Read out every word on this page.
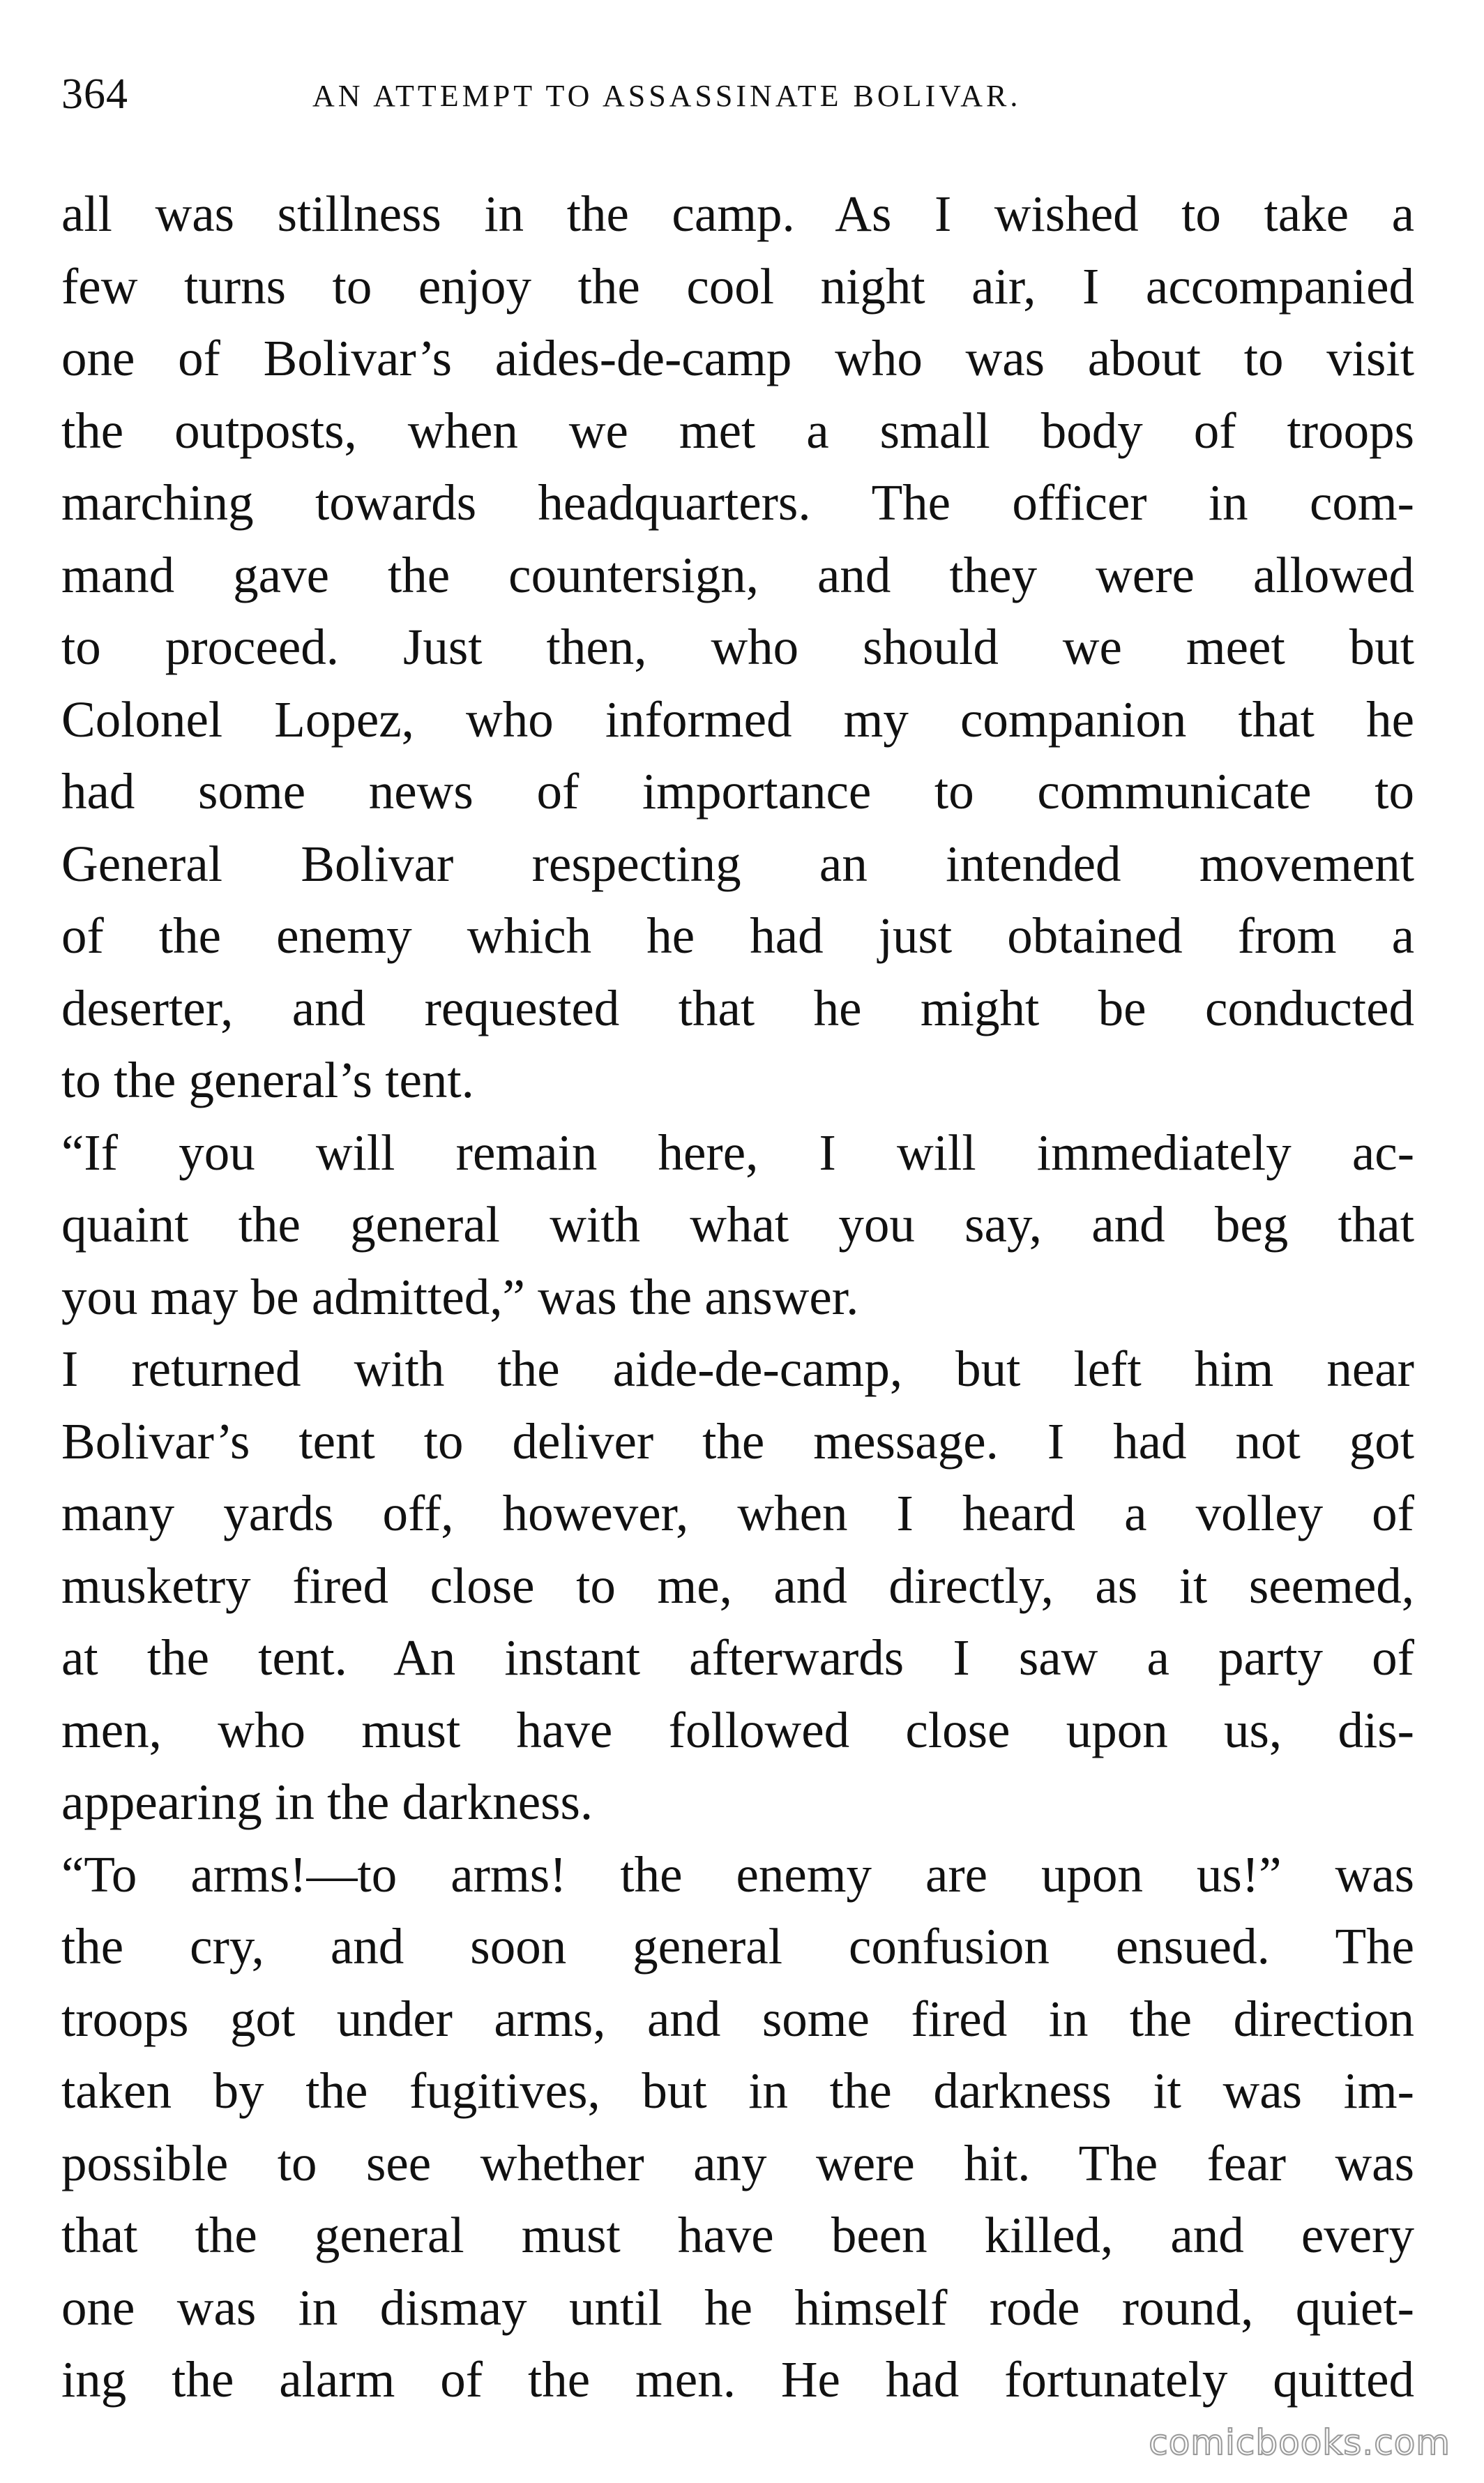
364	AN ATTEMPT TO ASSASSINATE BOLIVAR.
all was stillness in the camp. As I wished to take a
few turns to enjoy the cool night air, I accompanied
one of Bolivar’s aides-de-camp who was about to visit
the outposts, when we met a small body of troops
marching towards headquarters. The officer in com-
mand gave the countersign, and they were allowed
to proceed. Just then, who should we meet but
Colonel Lopez, who informed my companion that he
had some news of importance to communicate to
General Bolivar respecting an intended movement
of the enemy which he had just obtained from a
deserter, and requested that he might be conducted
to the general’s tent.
“If you will remain here, I will immediately ac-
quaint the general with what you say, and beg that
you may be admitted,” was the answer.
I returned with the aide-de-camp, but left him near
Bolivar’s tent to deliver the message. I had not got
many yards off, however, when I heard a volley of
musketry fired close to me, and directly, as it seemed,
at the tent. An instant afterwards I saw a party of
men, who must have followed close upon us, dis-
appearing in the darkness.
“To arms!—to arms! the enemy are upon us!” was
the cry, and soon general confusion ensued. The
troops got under arms, and some fired in the direction
taken by the fugitives, but in the darkness it was im-
possible to see whether any were hit. The fear was
that the general must have been killed, and every
one was in dismay until he himself rode round, quiet-
ing the alarm of the men. He had fortunately quitted
comicbooks.com
